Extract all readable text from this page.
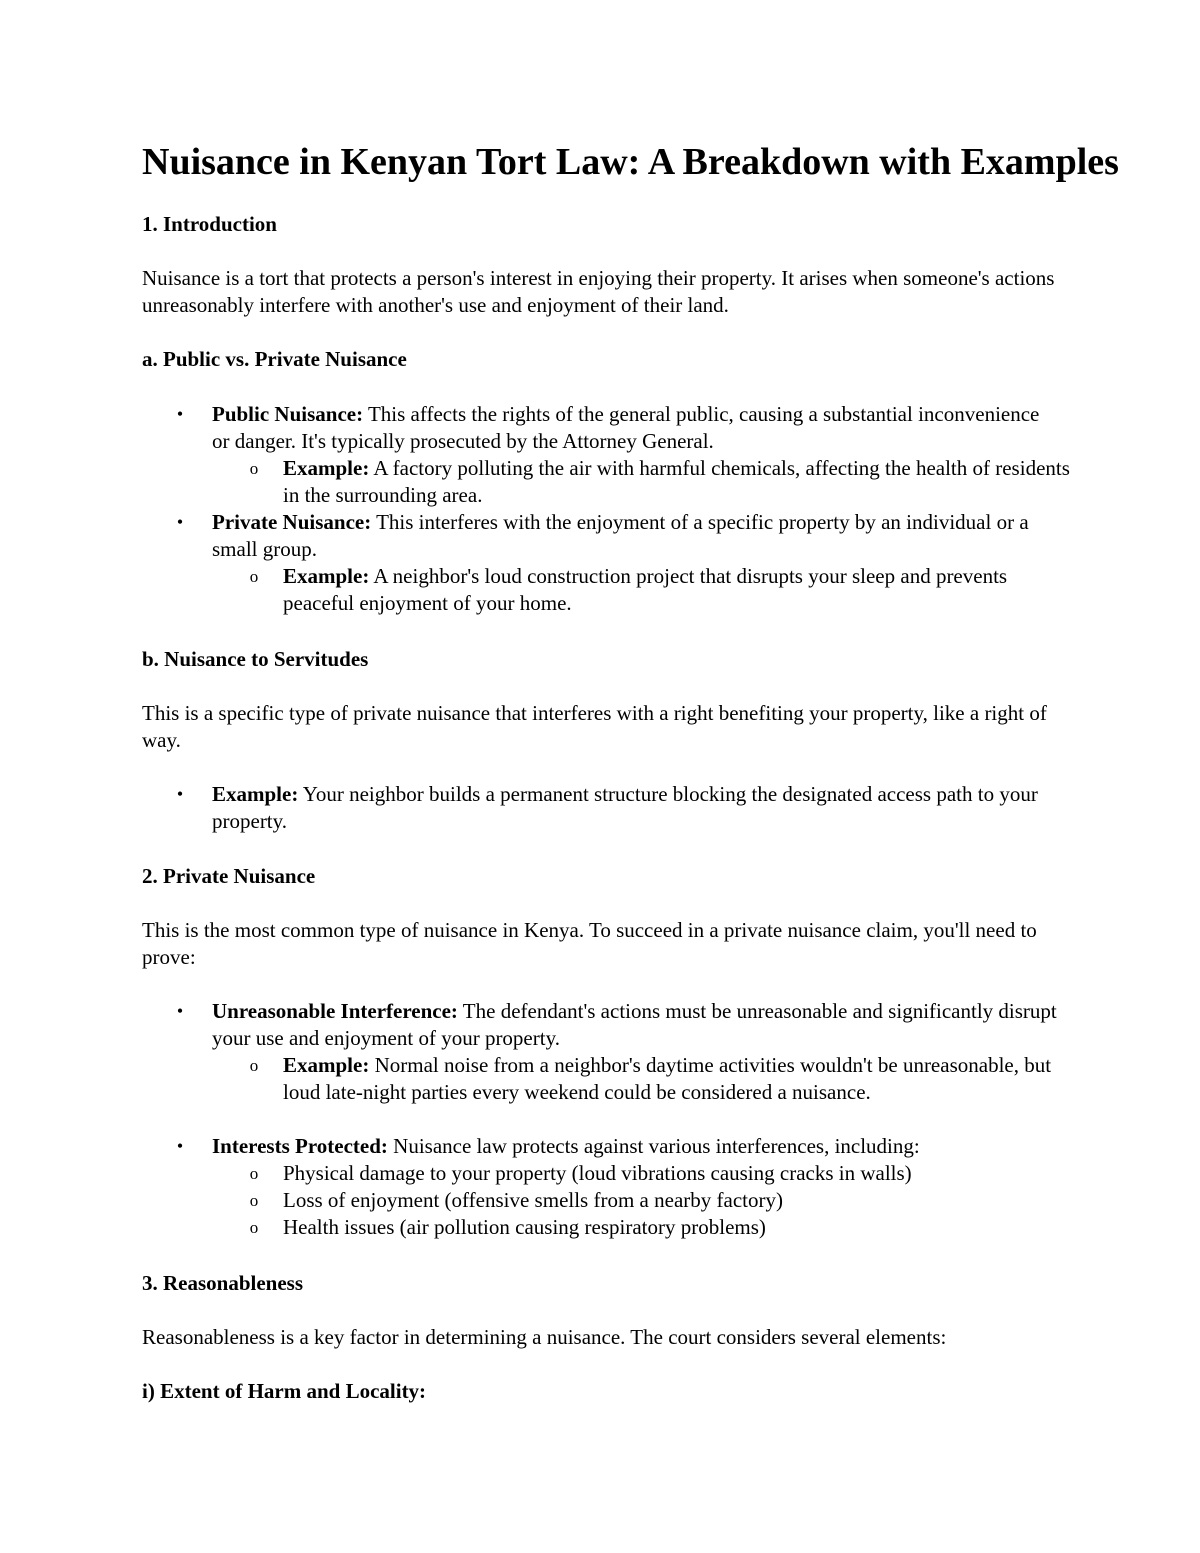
Nuisance in Kenyan Tort Law: A Breakdown with Examples
1. Introduction

Nuisance is a tort that protects a person's interest in enjoying their property. It arises when someone's actions unreasonably interfere with another's use and enjoyment of their land.

a. Public vs. Private Nuisance
• Public Nuisance: This affects the rights of the general public, causing a substantial inconvenience or danger. It's typically prosecuted by the Attorney General.

o Example: A factory polluting the air with harmful chemicals, affecting the health of residents in the surrounding area.

• Private Nuisance: This interferes with the enjoyment of a specific property by an individual or a small group.

o Example: A neighbor's loud construction project that disrupts your sleep and prevents peaceful enjoyment of your home.

b. Nuisance to Servitudes

This is a specific type of private nuisance that interferes with a right benefiting your property, like a right of way.

• Example: Your neighbor builds a permanent structure blocking the designated access path to your property.

2. Private Nuisance

This is the most common type of nuisance in Kenya. To succeed in a private nuisance claim, you'll need to prove:

• Unreasonable Interference: The defendant's actions must be unreasonable and significantly disrupt your use and enjoyment of your property.

o Example: Normal noise from a neighbor's daytime activities wouldn't be unreasonable, but loud late-night parties every weekend could be considered a nuisance.

• Interests Protected: Nuisance law protects against various interferences, including:

o Physical damage to your property (loud vibrations causing cracks in walls)

o Loss of enjoyment (offensive smells from a nearby factory)

o Health issues (air pollution causing respiratory problems)

3. Reasonableness

Reasonableness is a key factor in determining a nuisance. The court considers several elements:

i) Extent of Harm and Locality:
